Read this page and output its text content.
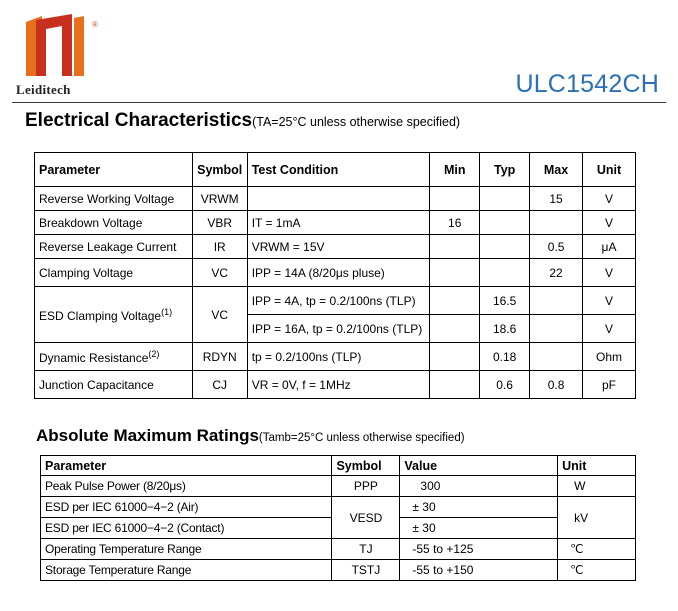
®
Leiditech	ULC1542CH
Electrical Characteristics(TA=25°C unless otherwise specified)
Parameter	Symbol	Test Condition	Min	Typ	Max	Unit
Reverse Working Voltage	VRWM				15	V
Breakdown Voltage	VBR	IT = 1mA	16			V
Reverse Leakage Current	IR	VRWM = 15V			0.5	μA
Clamping Voltage	VC	IPP = 14A (8/20μs pluse)			22	V
ESD Clamping Voltage$^{(1)}$	VC	IPP = 4A, tp = 0.2/100ns (TLP)		16.5		V
		IPP = 16A, tp = 0.2/100ns (TLP)		18.6		V
Dynamic Resistance$^{(2)}$	RDYN	tp = 0.2/100ns (TLP)		0.18		Ohm
Junction Capacitance	CJ	VR = 0V, f = 1MHz		0.6	0.8	pF
Absolute Maximum Ratings(Tamb=25°C unless otherwise specified)
Parameter	Symbol	Value	Unit
Peak Pulse Power (8/20μs)	PPP	300	W
ESD per IEC 61000−4−2 (Air)	VESD	± 30	kV
ESD per IEC 61000−4−2 (Contact)		± 30	
Operating Temperature Range	TJ	-55 to +125	℃
Storage Temperature Range	TSTJ	-55 to +150	℃
